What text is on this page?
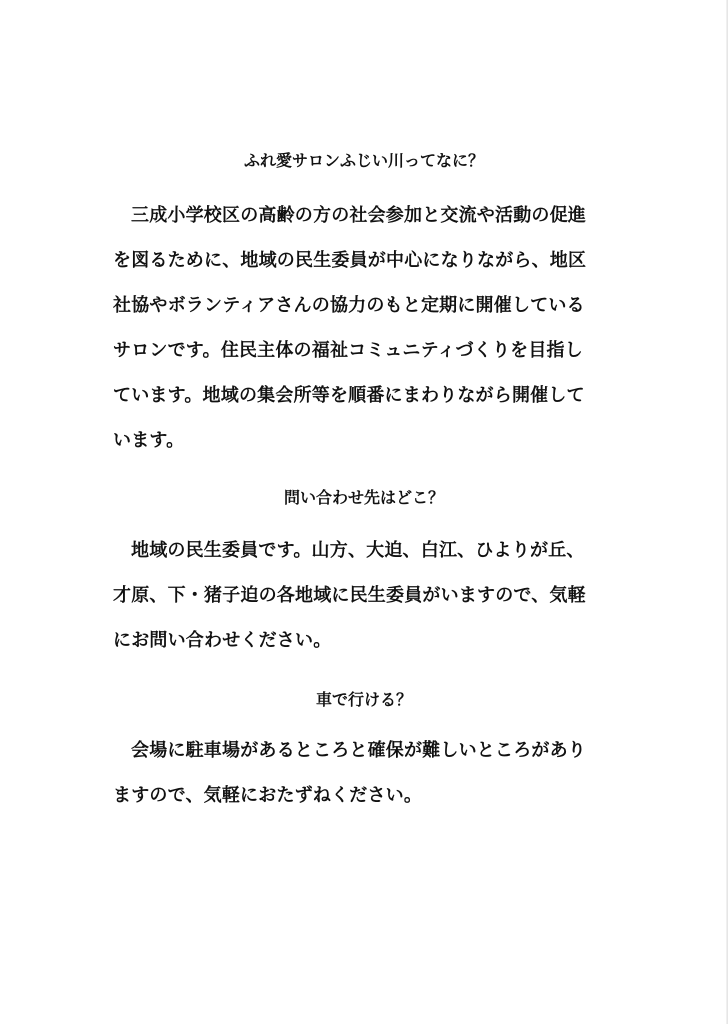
ふれ愛サロンふじい川ってなに？
三成小学校区の高齢の方の社会参加と交流や活動の促進
を図るために、地域の民生委員が中心になりながら、地区
社協やボランティアさんの協力のもと定期に開催している
サロンです。住民主体の福祉コミュニティづくりを目指し
ています。地域の集会所等を順番にまわりながら開催して
います。
問い合わせ先はどこ？
地域の民生委員です。山方、大迫、白江、ひよりが丘、
才原、下・猪子迫の各地域に民生委員がいますので、気軽
にお問い合わせください。
車で行ける？
会場に駐車場があるところと確保が難しいところがあり
ますので、気軽におたずねください。
